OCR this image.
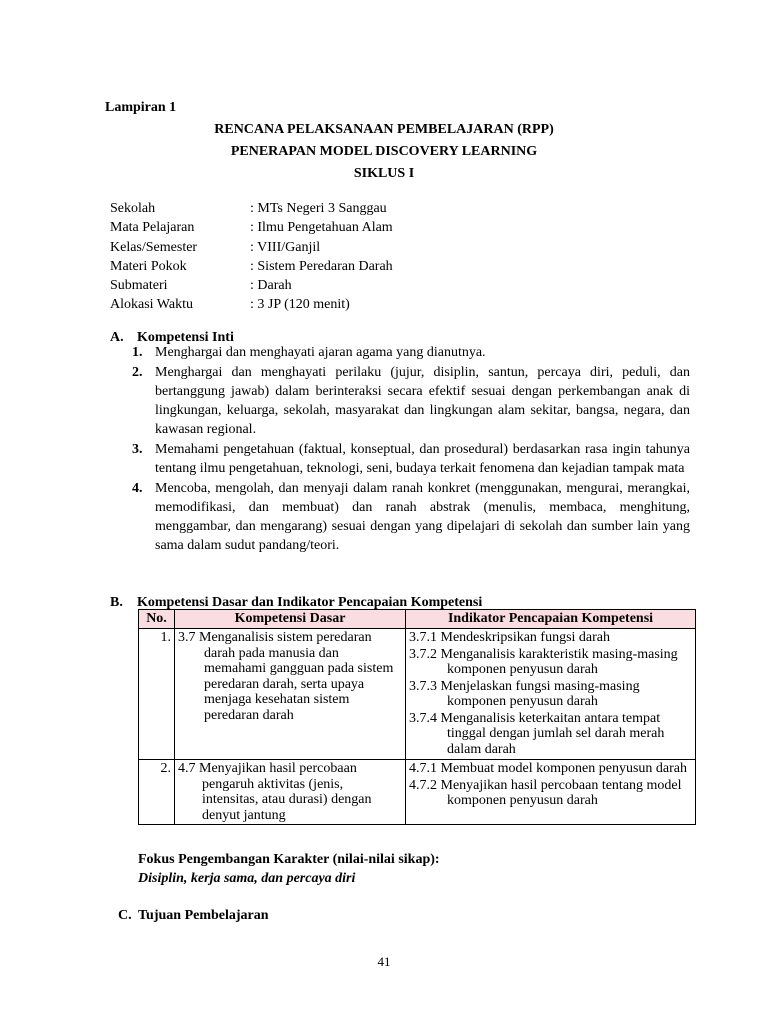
Lampiran 1
RENCANA PELAKSANAAN PEMBELAJARAN (RPP)
PENERAPAN MODEL DISCOVERY LEARNING
SIKLUS I
Sekolah	: MTs Negeri 3 Sanggau
Mata Pelajaran	: Ilmu Pengetahuan Alam
Kelas/Semester	: VIII/Ganjil
Materi Pokok	: Sistem Peredaran Darah
Submateri	: Darah
Alokasi Waktu	: 3 JP (120 menit)
A. Kompetensi Inti
1. Menghargai dan menghayati ajaran agama yang dianutnya.
2. Menghargai dan menghayati perilaku (jujur, disiplin, santun, percaya diri, peduli, dan bertanggung jawab) dalam berinteraksi secara efektif sesuai dengan perkembangan anak di lingkungan, keluarga, sekolah, masyarakat dan lingkungan alam sekitar, bangsa, negara, dan kawasan regional.
3. Memahami pengetahuan (faktual, konseptual, dan prosedural) berdasarkan rasa ingin tahunya tentang ilmu pengetahuan, teknologi, seni, budaya terkait fenomena dan kejadian tampak mata
4. Mencoba, mengolah, dan menyaji dalam ranah konkret (menggunakan, mengurai, merangkai, memodifikasi, dan membuat) dan ranah abstrak (menulis, membaca, menghitung, menggambar, dan mengarang) sesuai dengan yang dipelajari di sekolah dan sumber lain yang sama dalam sudut pandang/teori.
B. Kompetensi Dasar dan Indikator Pencapaian Kompetensi
No.	Kompetensi Dasar	Indikator Pencapaian Kompetensi
1.	3.7 Menganalisis sistem peredaran darah pada manusia dan memahami gangguan pada sistem peredaran darah, serta upaya menjaga kesehatan sistem peredaran darah	3.7.1 Mendeskripsikan fungsi darah
3.7.2 Menganalisis karakteristik masing-masing komponen penyusun darah
3.7.3 Menjelaskan fungsi masing-masing komponen penyusun darah
3.7.4 Menganalisis keterkaitan antara tempat tinggal dengan jumlah sel darah merah dalam darah

2.	4.7 Menyajikan hasil percobaan pengaruh aktivitas (jenis, intensitas, atau durasi) dengan denyut jantung	4.7.1 Membuat model komponen penyusun darah
4.7.2 Menyajikan hasil percobaan tentang model komponen penyusun darah
Fokus Pengembangan Karakter (nilai-nilai sikap):
Disiplin, kerja sama, dan percaya diri
C. Tujuan Pembelajaran
41
